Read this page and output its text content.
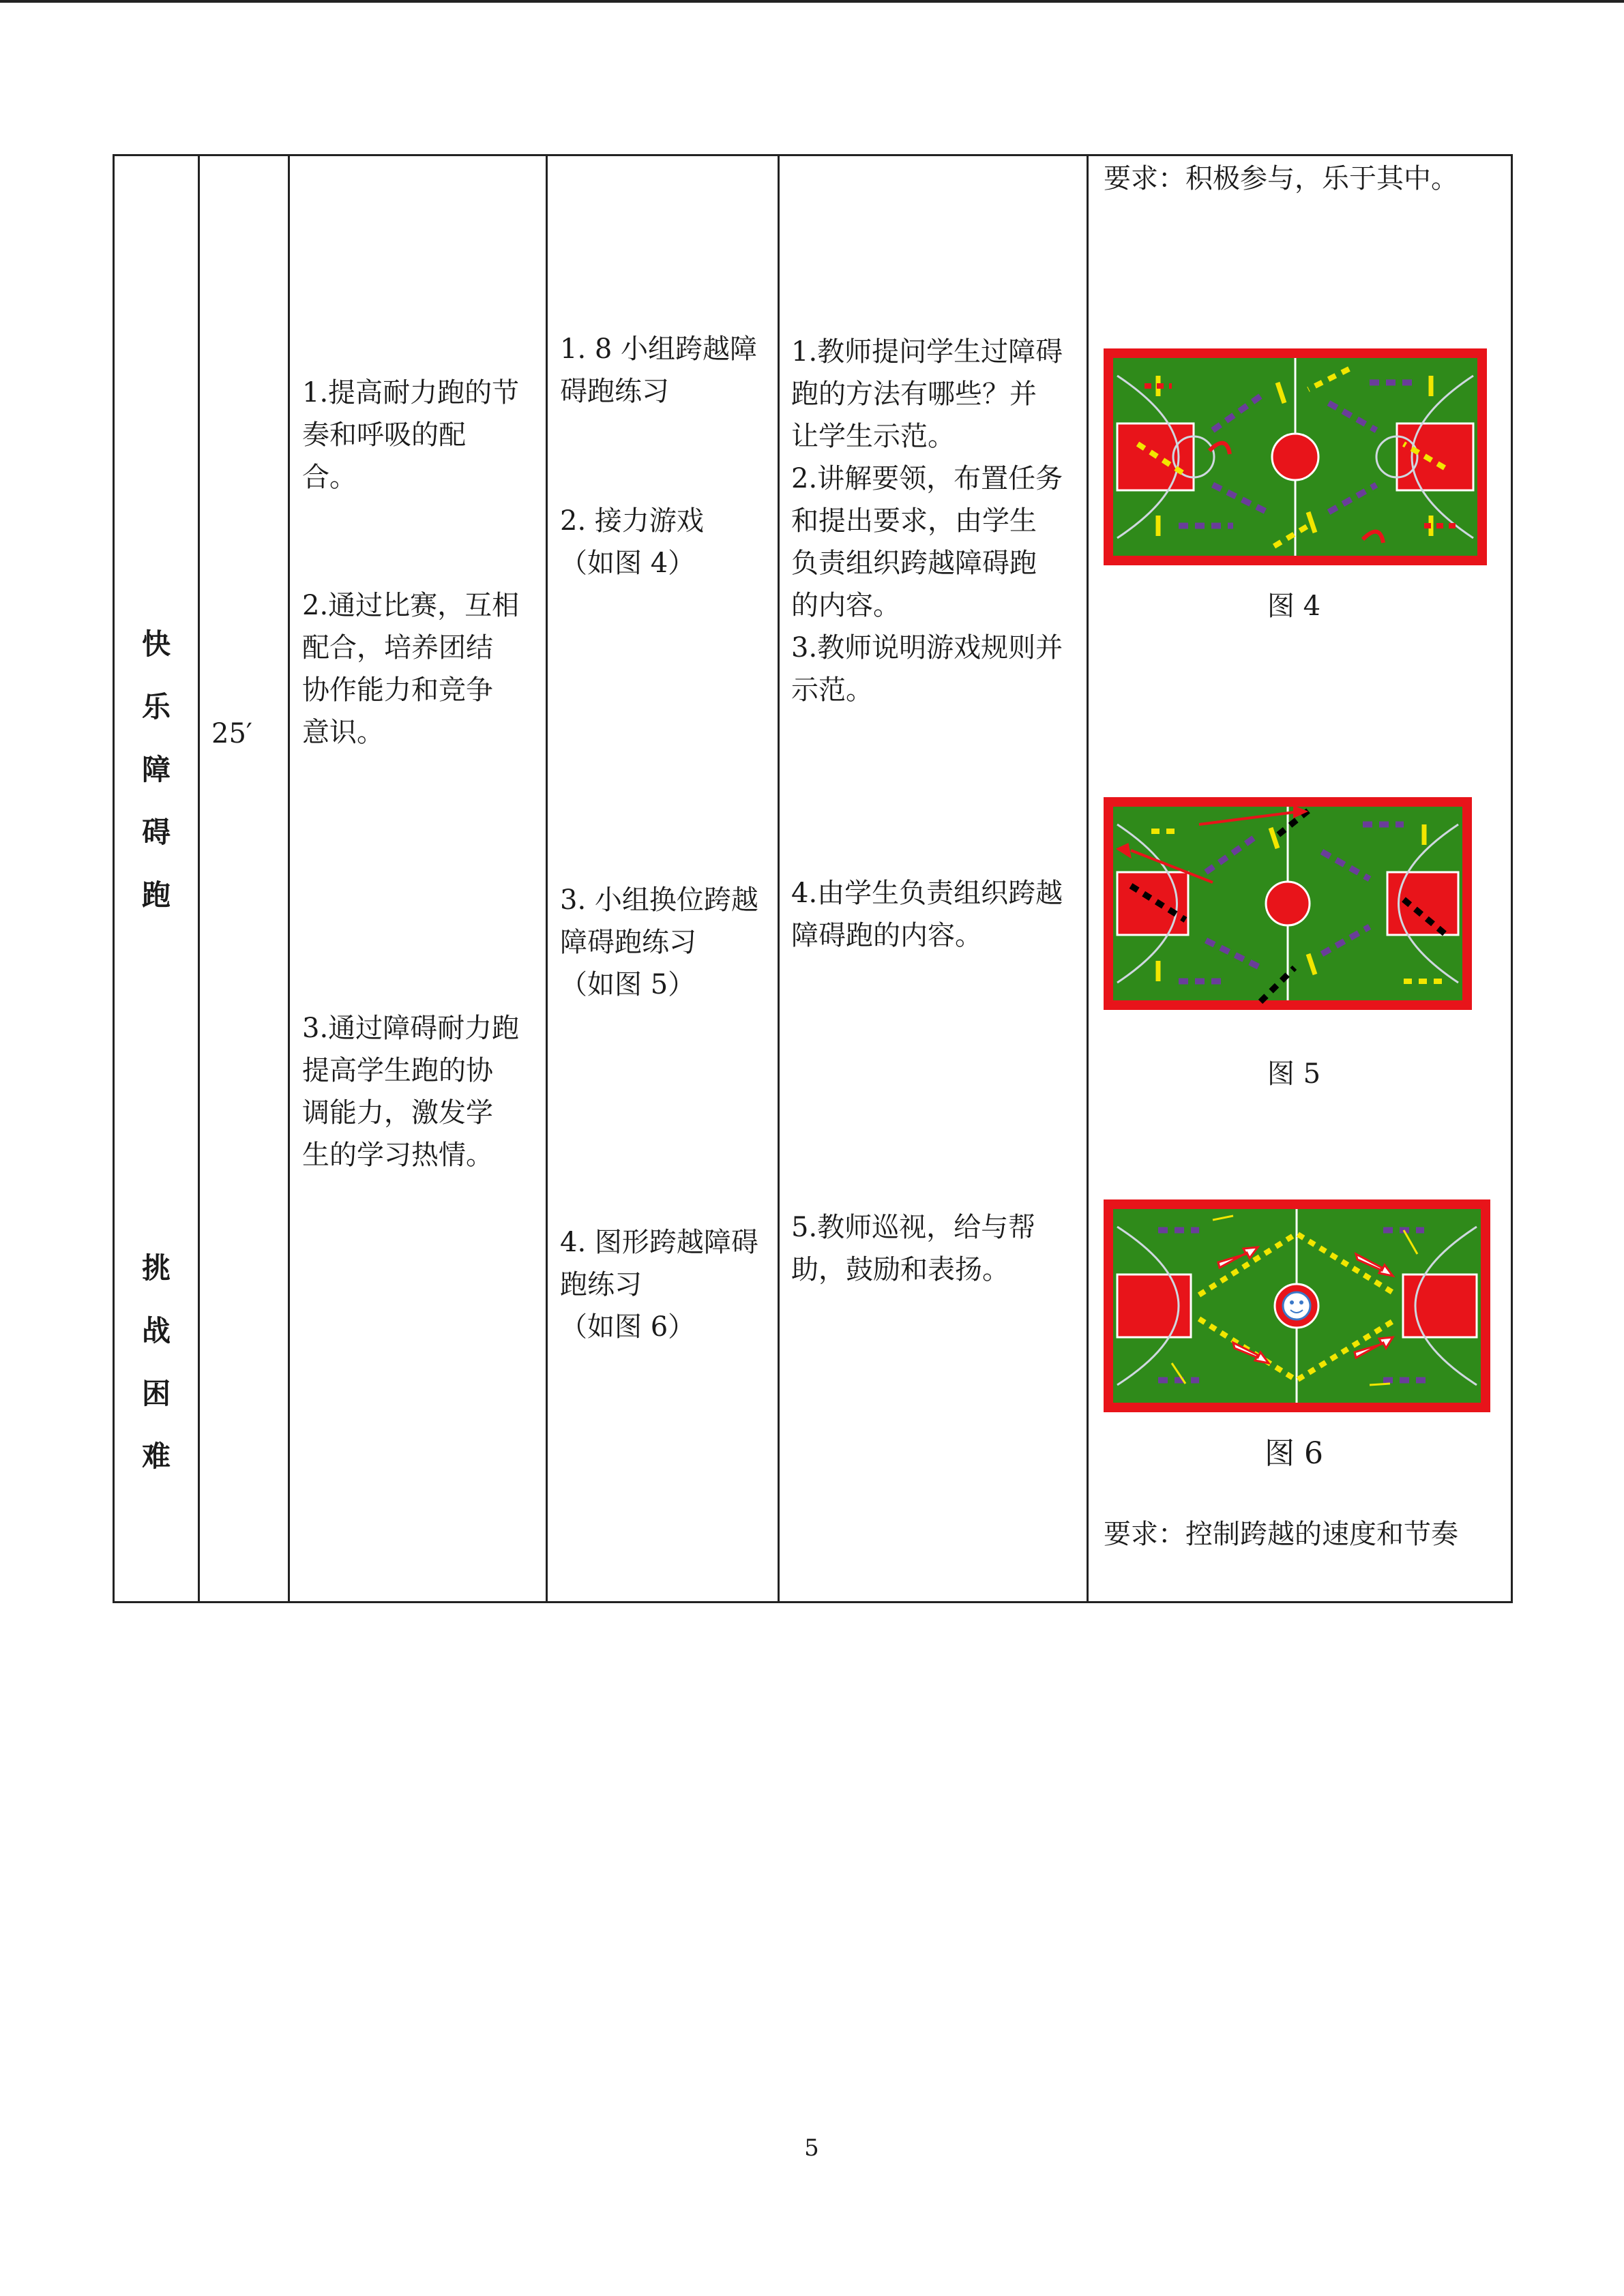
快
乐
障
碍
跑
挑
战
困
难
25′
1.提高耐力跑的节
奏和呼吸的配
合。
2.通过比赛，互相
配合，培养团结
协作能力和竞争
意识。
3.通过障碍耐力跑
提高学生跑的协
调能力，激发学
生的学习热情。
1. 8 小组跨越障
碍跑练习
2. 接力游戏
（如图 4）
3. 小组换位跨越
障碍跑练习
（如图 5）
4. 图形跨越障碍
跑练习
（如图 6）
1.教师提问学生过障碍
跑的方法有哪些？并
让学生示范。
2.讲解要领，布置任务
和提出要求，由学生
负责组织跨越障碍跑
的内容。
3.教师说明游戏规则并
示范。
4.由学生负责组织跨越
障碍跑的内容。
5.教师巡视，给与帮
助，鼓励和表扬。
要求：积极参与，乐于其中。
图 4
图 5
图 6
要求：控制跨越的速度和节奏
5
